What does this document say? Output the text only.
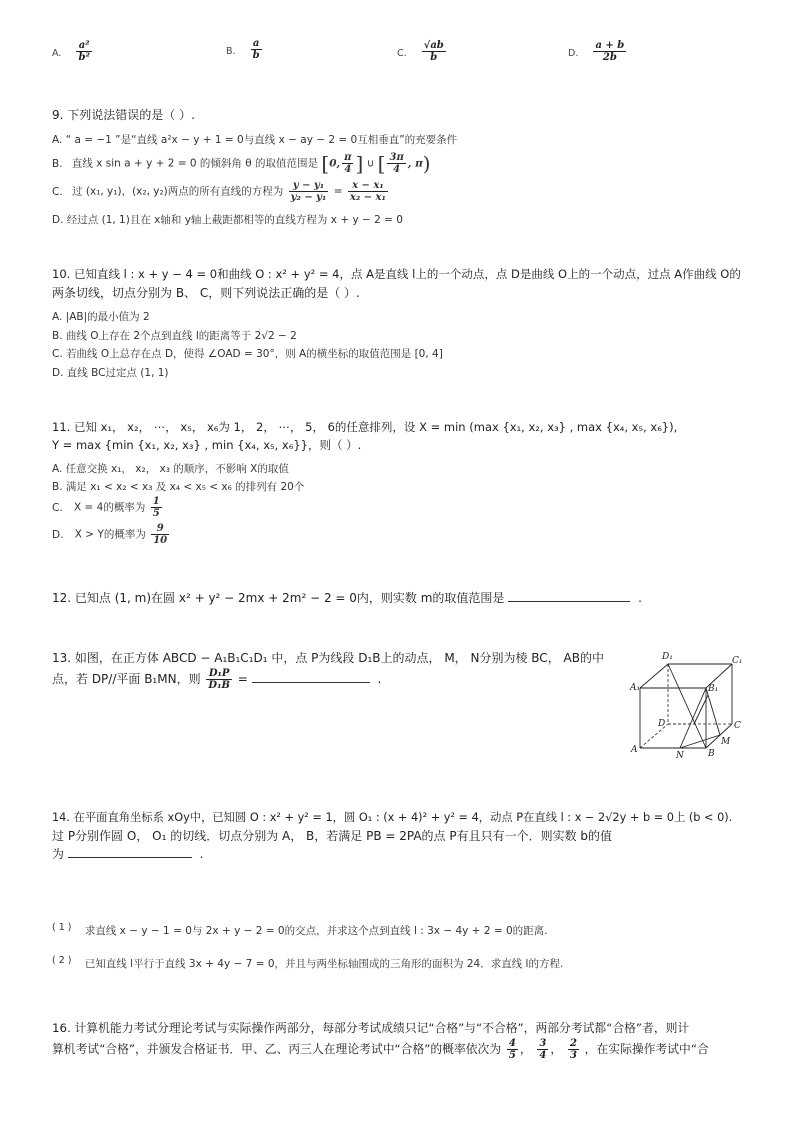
A. $\frac{\text{a²}}{\text{b²}}$	B. $\frac{a}{b}$	C. $\frac{√ab}{b}$	D. $\frac{a + b}{2b}$
9. 下列说法错误的是（ ）.
A. “ a = −1 ”是“直线 a²x − y + 1 = 0与直线 x − ay − 2 = 0互相垂直”的充要条件
B. 直线 x sin a + y + 2 = 0 的倾斜角 θ 的取值范围是 [0, $\frac{\pi}{4}$ ] ∪ [ $\frac{3\pi}{4}$ , π)
C. 过 (x₁, y₁)，(x₂, y₂)两点的所有直线的方程为 $\frac{\text{y − y₁}}{\text{y₂ − y₁}} = \frac{\text{x − x₁}}{\text{x₂ − x₁}}$
D. 经过点 (1, 1)且在 x轴和 y轴上截距都相等的直线方程为 x + y − 2 = 0
10. 已知直线 l : x + y − 4 = 0和曲线 O : x² + y² = 4，点 A是直线 l上的一个动点，点 D是曲线 O上的一个动点，过点 A作曲线 O的
两条切线，切点分别为 B、 C，则下列说法正确的是（ ）.
A. |AB|的最小值为 2
B. 曲线 O上存在 2个点到直线 l的距离等于 2√2 − 2
C. 若曲线 O上总存在点 D，使得 ∠OAD = 30°，则 A的横坐标的取值范围是 [0, 4]
D. 直线 BC过定点 (1, 1)
11. 已知 x₁， x₂， ⋯， x₅， x₆为 1， 2， ⋯， 5， 6的任意排列，设 X = min (max {x₁, x₂, x₃} , max {x₄, x₅, x₆}),
Y = max {min {x₁, x₂, x₃} , min {x₄, x₅, x₆}}，则（ ）.
A. 任意交换 x₁， x₂， x₃ 的顺序，不影响 X的取值
B. 满足 x₁ < x₂ < x₃ 及 x₄ < x₅ < x₆ 的排列有 20个
C. X = 4的概率为 $\frac{1}{5}$
D. X > Y的概率为 $\frac{9}{10}$
12. 已知点 (1, m)在圆 x² + y² − 2mx + 2m² − 2 = 0内，则实数 m的取值范围是	.
13. 如图，在正方体 ABCD − A₁B₁C₁D₁ 中，点 P为线段 D₁B上的动点， M， N分别为棱 BC， AB的中
点，若 DP//平面 B₁MN，则 $\frac{\text{D₁P}}{\text{D₁B}}$ =	.
D₁	C₁
A₁	B₁
D	C
A	B
M
N
14. 在平面直角坐标系 xOy中，已知圆 O : x² + y² = 1，圆 O₁ : (x + 4)² + y² = 4，动点 P在直线 l : x − 2√2y + b = 0上 (b < 0).
过 P分别作圆 O， O₁ 的切线．切点分别为 A， B，若满足 PB = 2PA的点 P有且只有一个．则实数 b的值
为	.
( 1 ) 求直线 x − y − 1 = 0与 2x + y − 2 = 0的交点，并求这个点到直线 l : 3x − 4y + 2 = 0的距离.
( 2 ) 已知直线 l平行于直线 3x + 4y − 7 = 0，并且与两坐标轴围成的三角形的面积为 24．求直线 l的方程.
16. 计算机能力考试分理论考试与实际操作两部分，每部分考试成绩只记“合格”与“不合格”，两部分考试都“合格”者，则计
算机考试“合格”，并颁发合格证书．甲、乙、丙三人在理论考试中“合格”的概率依次为 $\frac{4}{5}$ ， $\frac{3}{4}$ ， $\frac{2}{3}$ ，在实际操作考试中“合
